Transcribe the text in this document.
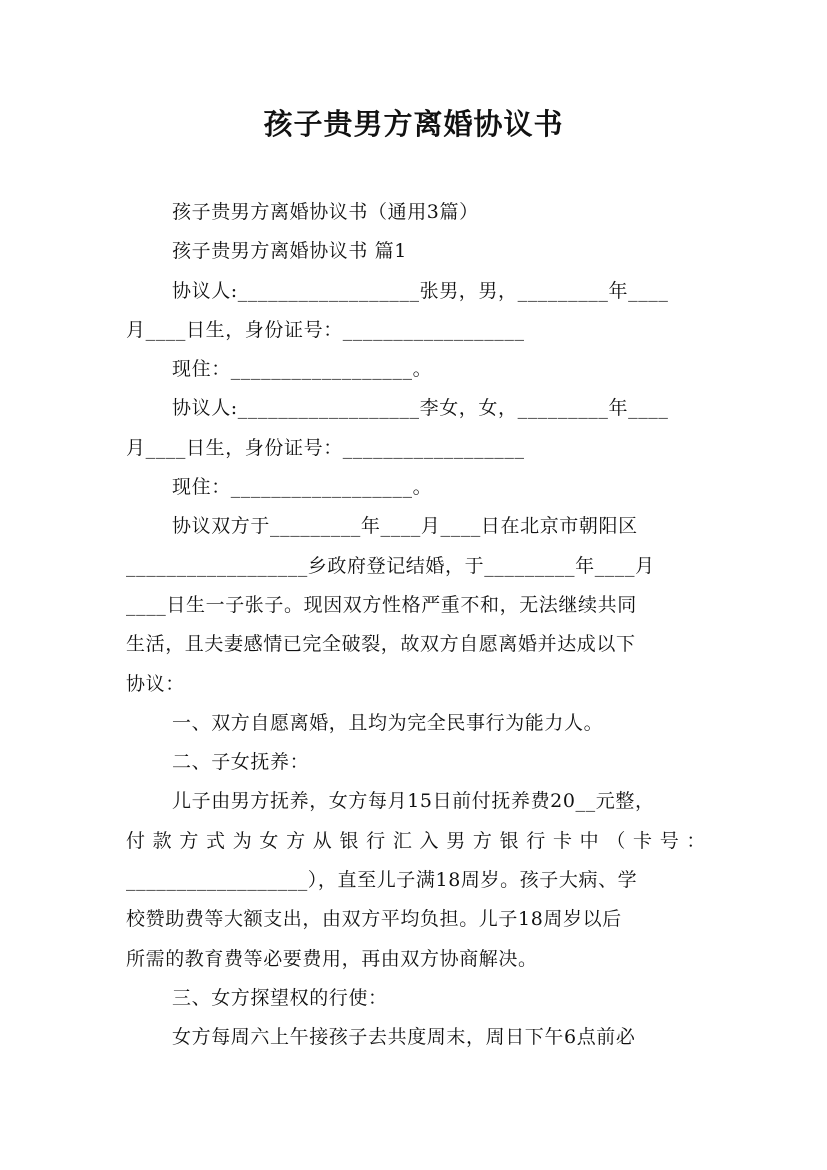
孩子贵男方离婚协议书

孩子贵男方离婚协议书（通用3篇）

孩子贵男方离婚协议书 篇1

协议人:__________________张男，男，_________年____

月____日生，身份证号：__________________

现住：__________________。

协议人:__________________李女，女，_________年____

月____日生，身份证号：__________________

现住：__________________。

协议双方于_________年____月____日在北京市朝阳区

__________________乡政府登记结婚，于_________年____月

____日生一子张子。现因双方性格严重不和，无法继续共同

生活，且夫妻感情已完全破裂，故双方自愿离婚并达成以下

协议：

一、双方自愿离婚，且均为完全民事行为能力人。

二、子女抚养：

儿子由男方抚养，女方每月15日前付抚养费20__元整，

付款方式为女方从银行汇入男方银行卡中（卡号：

__________________），直至儿子满18周岁。孩子大病、学

校赞助费等大额支出，由双方平均负担。儿子18周岁以后

所需的教育费等必要费用，再由双方协商解决。

三、女方探望权的行使：

女方每周六上午接孩子去共度周末，周日下午6点前必
